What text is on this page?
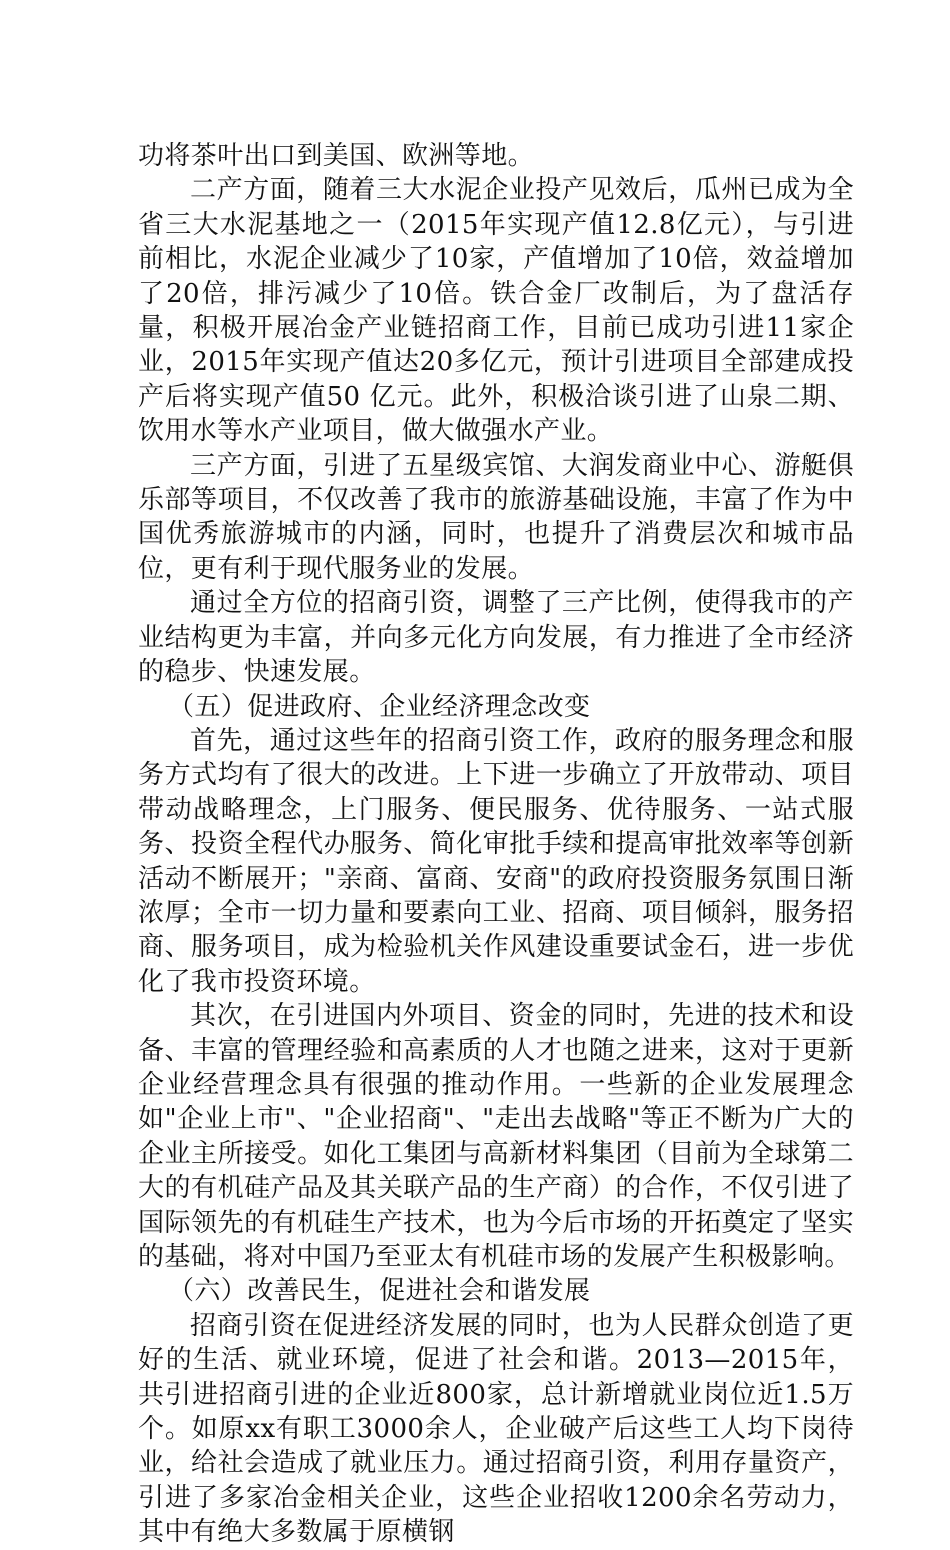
功将茶叶出口到美国、欧洲等地。

二产方面，随着三大水泥企业投产见效后，瓜州已成为全省三大水泥基地之一（2015年实现产值12.8亿元），与引进前相比，水泥企业减少了10家，产值增加了10倍，效益增加了20倍，排污减少了10倍。铁合金厂改制后，为了盘活存量，积极开展冶金产业链招商工作，目前已成功引进11家企业，2015年实现产值达20多亿元，预计引进项目全部建成投产后将实现产值50 亿元。此外，积极洽谈引进了山泉二期、饮用水等水产业项目，做大做强水产业。

三产方面，引进了五星级宾馆、大润发商业中心、游艇俱乐部等项目，不仅改善了我市的旅游基础设施，丰富了作为中国优秀旅游城市的内涵，同时，也提升了消费层次和城市品位，更有利于现代服务业的发展。

通过全方位的招商引资，调整了三产比例，使得我市的产业结构更为丰富，并向多元化方向发展，有力推进了全市经济的稳步、快速发展。

（五）促进政府、企业经济理念改变

首先，通过这些年的招商引资工作，政府的服务理念和服务方式均有了很大的改进。上下进一步确立了开放带动、项目带动战略理念，上门服务、便民服务、优待服务、一站式服务、投资全程代办服务、简化审批手续和提高审批效率等创新活动不断展开；"亲商、富商、安商"的政府投资服务氛围日渐浓厚；全市一切力量和要素向工业、招商、项目倾斜，服务招商、服务项目，成为检验机关作风建设重要试金石，进一步优化了我市投资环境。

其次，在引进国内外项目、资金的同时，先进的技术和设备、丰富的管理经验和高素质的人才也随之进来，这对于更新企业经营理念具有很强的推动作用。一些新的企业发展理念如"企业上市"、"企业招商"、"走出去战略"等正不断为广大的企业主所接受。如化工集团与高新材料集团（目前为全球第二大的有机硅产品及其关联产品的生产商）的合作，不仅引进了国际领先的有机硅生产技术，也为今后市场的开拓奠定了坚实的基础，将对中国乃至亚太有机硅市场的发展产生积极影响。

（六）改善民生，促进社会和谐发展

招商引资在促进经济发展的同时，也为人民群众创造了更好的生活、就业环境，促进了社会和谐。2013—2015年，共引进招商引进的企业近800家，总计新增就业岗位近1.5万个。如原xx有职工3000余人，企业破产后这些工人均下岗待业，给社会造成了就业压力。通过招商引资，利用存量资产，引进了多家冶金相关企业，这些企业招收1200余名劳动力，其中有绝大多数属于原横钢
